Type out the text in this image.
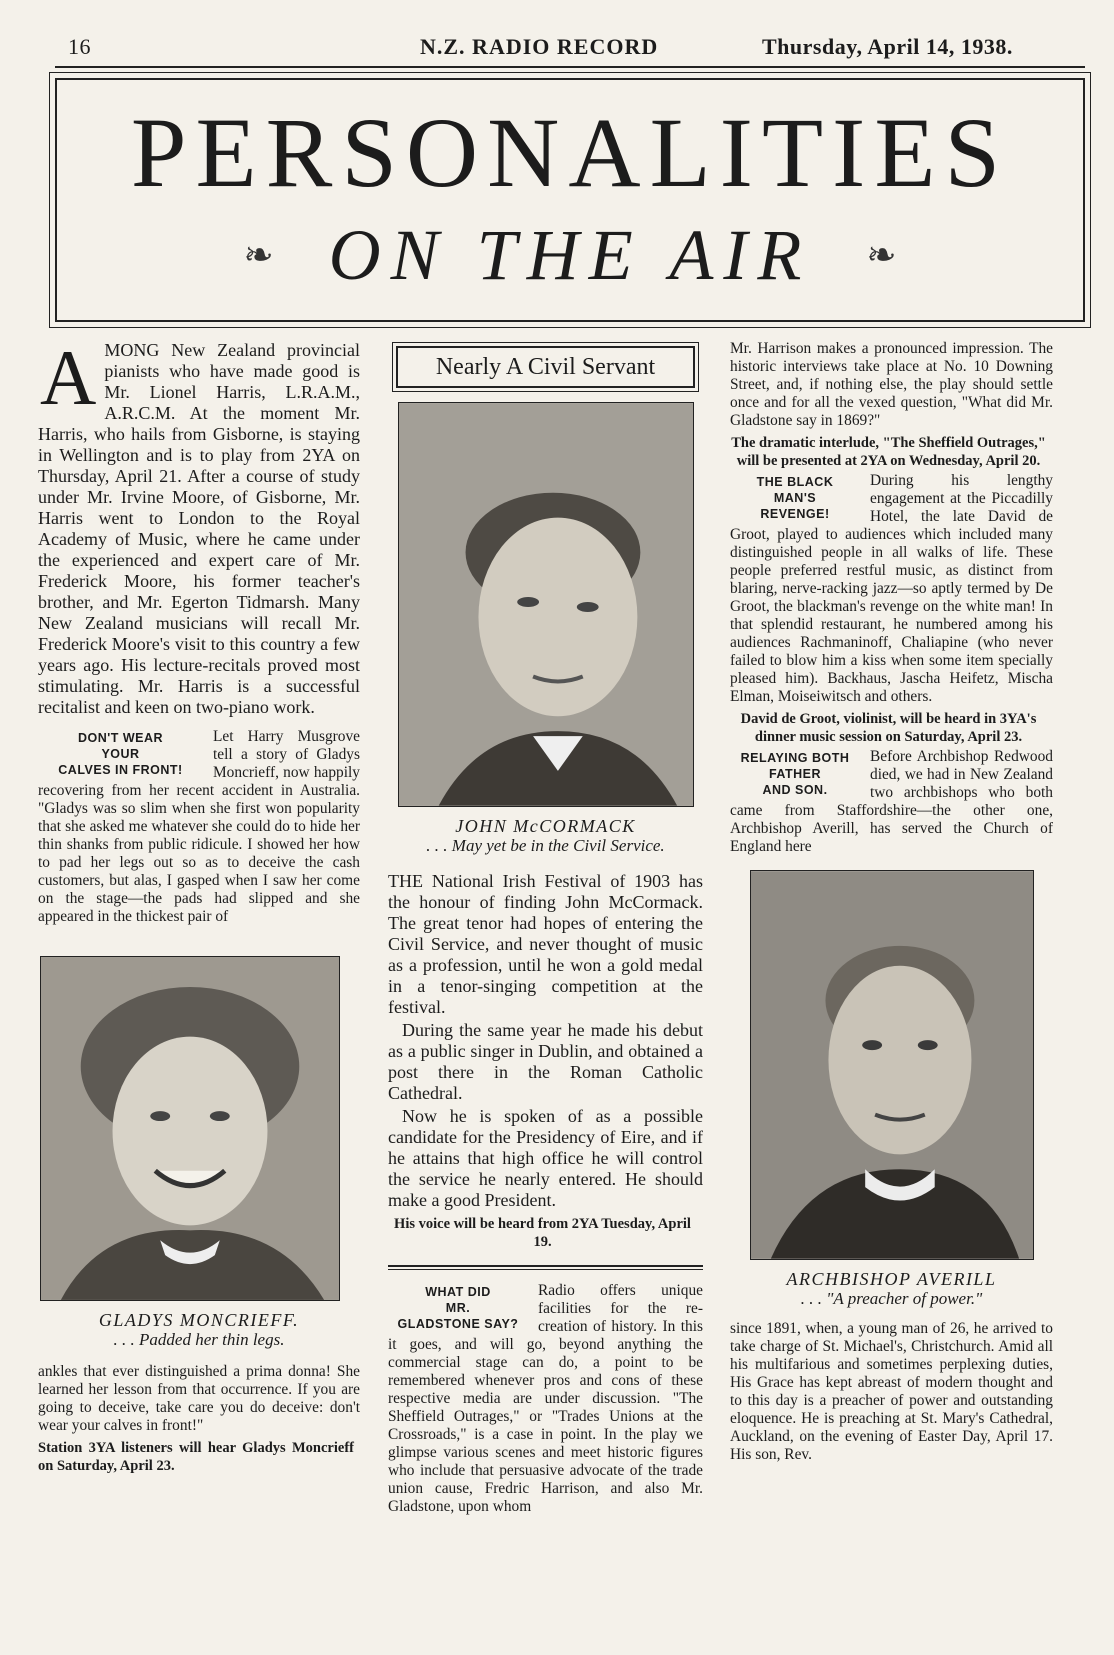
16	N.Z. RADIO RECORD	Thursday, April 14, 1938.
PERSONALITIES
❧ ON THE AIR ❧

AMONG New Zealand provincial pianists who have made good is Mr. Lionel Harris, L.R.A.M., A.R.C.M. At the moment Mr. Harris, who hails from Gisborne, is staying in Wellington and is to play from 2YA on Thursday, April 21. After a course of study under Mr. Irvine Moore, of Gisborne, Mr. Harris went to London to the Royal Academy of Music, where he came under the experienced and expert care of Mr. Frederick Moore, his former teacher's brother, and Mr. Egerton Tidmarsh. Many New Zealand musicians will recall Mr. Frederick Moore's visit to this country a few years ago. His lecture-recitals proved most stimulating. Mr. Harris is a successful recitalist and keen on two-piano work.

DON'T WEAR
YOUR
CALVES IN FRONT!

Let Harry Musgrove tell a story of Gladys Moncrieff, now happily recovering from her recent accident in Australia. "Gladys was so slim when she first won popularity that she asked me whatever she could do to hide her thin shanks from public ridicule. I showed her how to pad her legs out so as to deceive the cash customers, but alas, I gasped when I saw her come on the stage—the pads had slipped and she appeared in the thickest pair of

GLADYS MONCRIEFF.
. . . Padded her thin legs.

ankles that ever distinguished a prima donna! She learned her lesson from that occurrence. If you are going to deceive, take care you do deceive: don't wear your calves in front!"

Station 3YA listeners will hear Gladys Moncrieff on Saturday, April 23.

Nearly A Civil Servant
JOHN McCORMACK
. . . May yet be in the Civil Service.

THE National Irish Festival of 1903 has the honour of finding John McCormack. The great tenor had hopes of entering the Civil Service, and never thought of music as a profession, until he won a gold medal in a tenor-singing competition at the festival.

During the same year he made his debut as a public singer in Dublin, and obtained a post there in the Roman Catholic Cathedral.

Now he is spoken of as a possible candidate for the Presidency of Eire, and if he attains that high office he will control the service he nearly entered. He should make a good President.

His voice will be heard from 2YA Tuesday, April 19.

WHAT DID
MR.
GLADSTONE SAY?

Radio offers unique facilities for the re-creation of history. In this it goes, and will go, beyond anything the commercial stage can do, a point to be remembered whenever pros and cons of these respective media are under discussion. "The Sheffield Outrages," or "Trades Unions at the Crossroads," is a case in point. In the play we glimpse various scenes and meet historic figures who include that persuasive advocate of the trade union cause, Fredric Harrison, and also Mr. Gladstone, upon whom

Mr. Harrison makes a pronounced impression. The historic interviews take place at No. 10 Downing Street, and, if nothing else, the play should settle once and for all the vexed question, "What did Mr. Gladstone say in 1869?"

The dramatic interlude, "The Sheffield Outrages," will be presented at 2YA on Wednesday, April 20.

THE BLACK
MAN'S
REVENGE!

During his lengthy engagement at the Piccadilly Hotel, the late David de Groot, played to audiences which included many distinguished people in all walks of life. These people preferred restful music, as distinct from blaring, nerve-racking jazz—so aptly termed by De Groot, the blackman's revenge on the white man! In that splendid restaurant, he numbered among his audiences Rachmaninoff, Chaliapine (who never failed to blow him a kiss when some item specially pleased him). Backhaus, Jascha Heifetz, Mischa Elman, Moiseiwitsch and others.

David de Groot, violinist, will be heard in 3YA's dinner music session on Saturday, April 23.

RELAYING BOTH
FATHER
AND SON.

Before Archbishop Redwood died, we had in New Zealand two archbishops who both came from Staffordshire—the other one, Archbishop Averill, has served the Church of England here

ARCHBISHOP AVERILL
. . . "A preacher of power."

since 1891, when, a young man of 26, he arrived to take charge of St. Michael's, Christchurch. Amid all his multifarious and sometimes perplexing duties, His Grace has kept abreast of modern thought and to this day is a preacher of power and outstanding eloquence. He is preaching at St. Mary's Cathedral, Auckland, on the evening of Easter Day, April 17. His son, Rev.
